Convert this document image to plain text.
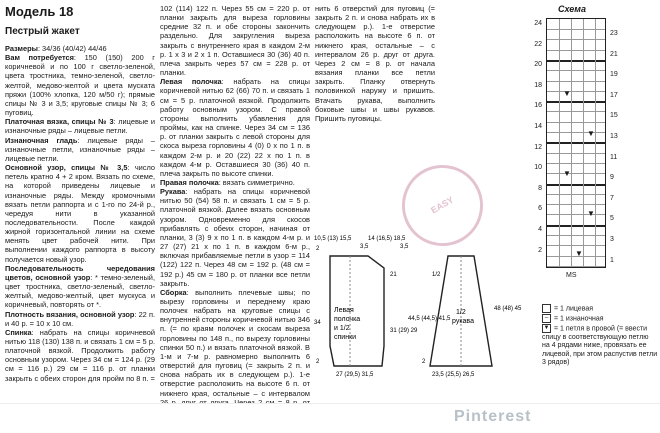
Модель 18
Пестрый жакет

Размеры: 34/36 (40/42) 44/46

Вам потребуется: 150 (150) 200 г коричневой и по 100 г светло-зеленой, цвета тростника, темно-зеленой, светло-желтой, медово-желтой и цвета муската пряжи (100% хлопка, 120 м/50 г); прямые спицы № 3 и 3,5; круговые спицы № 3; 6 пуговиц.

Платочная вязка, спицы № 3: лицевые и изнаночные ряды – лицевые петли.

Изнаночная гладь: лицевые ряды – изнаночные петли, изнаночные ряды – лицевые петли.

Основной узор, спицы № 3,5: число петель кратно 4 + 2 кром. Вязать по схеме, на которой приведены лицевые и изнаночные ряды. Между кромочными вязать петли раппорта и с 1-го по 24-й р., чередуя нити в указанной последовательности. После каждой жирной горизонтальной линии на схеме менять цвет рабочей нити. При выполнении каждого раппорта в высоту получается новый узор.

Последовательность чередования цветов, основной узор: * темно-зеленый, цвет тростника, светло-зеленый, светло-желтый, медово-желтый, цвет мускуса и коричневый, повторять от *.

Плотность вязания, основной узор: 22 п. и 40 р. = 10 х 10 см.

Спинка: набрать на спицы коричневой нитью 118 (130) 138 п. и связать 1 см = 5 р. платочной вязкой. Продолжить работу основным узором. Через 34 см = 124 р. (29 см = 116 р.) 29 см = 116 р. от планки закрыть с обеих сторон для пройм по 8 п. =

102 (114) 122 п. Через 55 см = 220 р. от планки закрыть для выреза горловины средние 32 п. и обе стороны закончить раздельно. Для закругления выреза закрыть с внутреннего края в каждом 2-м р. 1 х 3 и 2 х 1 п. Оставшиеся 30 (36) 40 п. плеча закрыть через 57 см = 228 р. от планки.

Левая полочка: набрать на спицы коричневой нитью 62 (66) 70 п. и связать 1 см = 5 р. платочной вязкой. Продолжить работу основным узором. С правой стороны выполнить убавления для проймы, как на спинке. Через 34 см = 136 р. от планки закрыть с левой стороны для скоса выреза горловины 4 (0) 0 х по 1 п. в каждом 2-м р. и 20 (22) 22 х по 1 п. в каждом 4-м р. Оставшиеся 30 (36) 40 п. плеча закрыть по высоте спинки.

Правая полочка: вязать симметрично.

Рукава: набрать на спицы коричневой нитью 50 (54) 58 п. и связать 1 см = 5 р. платочной вязкой. Далее вязать основным узором. Одновременно для скосов прибавлять с обеих сторон, начиная от планки, 3 (3) 9 х по 1 п. в каждом 4-м р. и 27 (27) 21 х по 1 п. в каждом 6-м р., включая прибавляемые петли в узор = 114 (122) 122 п. Через 48 см = 192 р. (48 см = 192 р.) 45 см = 180 р. от планки все петли закрыть.

Сборка: выполнить плечевые швы; по вырезу горловины и переднему краю полочек набрать на круговые спицы с внутренней стороны коричневой нитью 346 п. (= по краям полочек и скосам выреза горловины по 148 п., по вырезу горловины спинки 50 п.) и вязать платочной вязкой. В 1-м и 7-м р. равномерно выполнить 6 отверстий для пуговиц (= закрыть 2 п. и снова набрать их в следующем р.). 1-е отверстие расположить на высоте 6 п. от нижнего края, остальные – с интервалом

нить 6 отверстий для пуговиц (= закрыть 2 п. и снова набрать их в следующем р.). 1-е отверстие расположить на высоте 6 п. от нижнего края, остальные – с интервалом 26 р. друг от друга. Через 2 см = 8 р. от начала вязания планки все петли закрыть. Планку отвернуть половинкой наружу и пришить. Втачать рукава, выполнить боковые швы и швы рукавов. Пришить пуговицы.

EASY
Левая
полочка
и 1/2
спинки
1/2
рукава
10,5 (13) 15,5
3,5
14 (16,5) 18,5
3,5
2
34
21
31 (29) 29
27 (29,5) 31,5
2
44,5 (44,5) 41,5
48 (48) 45
1/2
23,5 (25,5) 26,5
2
Схема
▼
▼
▼
▼
▼
24
22
20
18
16
14
12
10
8
6
4
2
23
21
19
17
15
13
11
9
7
5
3
1
MS
= 1 лицевая
– = 1 изнаночная
▼ = 1 петля в провой (= ввести спицу в соответствующую петлю на 4 рядами ниже, провязать ее лицевой, при этом распустив петли 3 рядов)
Pinterest
